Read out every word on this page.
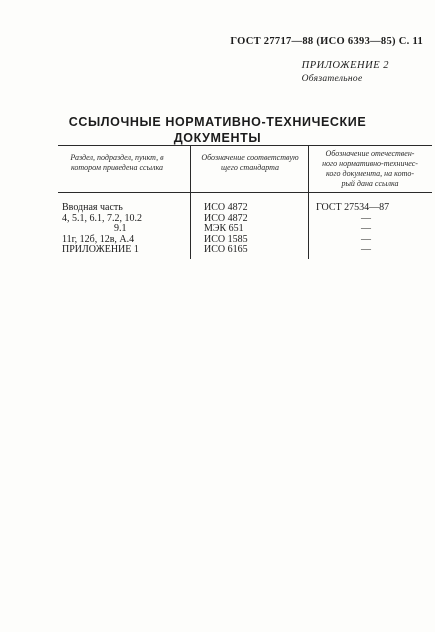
ГОСТ 27717—88 (ИСО 6393—85) С. 11
ПРИЛОЖЕНИЕ 2
Обязательное
ССЫЛОЧНЫЕ НОРМАТИВНО-ТЕХНИЧЕСКИЕ
ДОКУМЕНТЫ
Раздел, подраздел, пункт, в
котором приведена ссылка
Обозначение соответствую
щего стандарта
Обозначение отечествен-
ного нормативно-техничес-
кого документа, на кото-
рый дана ссылка
Вводная часть
4, 5.1, 6.1, 7.2, 10.2
9.1
11г, 12б, 12в, А.4
ПРИЛОЖЕНИЕ 1
ИСО 4872
ИСО 4872
МЭК 651
ИСО 1585
ИСО 6165
ГОСТ 27534—87
—
—
—
—
